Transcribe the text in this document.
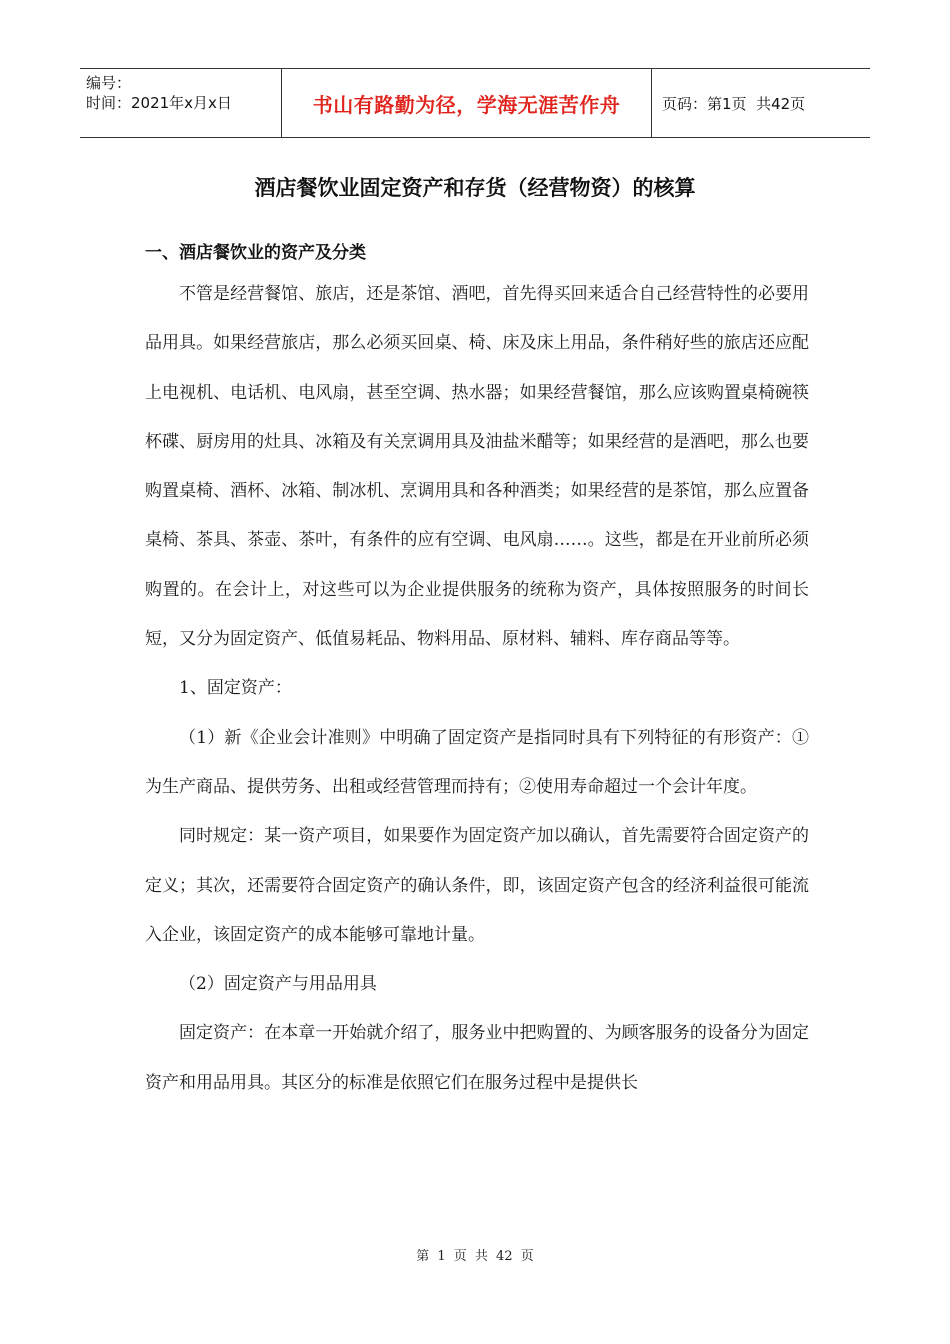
编号：
时间：2021年x月x日	书山有路勤为径，学海无涯苦作舟	页码：第1页  共42页
酒店餐饮业固定资产和存货（经营物资）的核算
一、酒店餐饮业的资产及分类

不管是经营餐馆、旅店，还是茶馆、酒吧，首先得买回来适合自己经营特性的必要用品用具。如果经营旅店，那么必须买回桌、椅、床及床上用品，条件稍好些的旅店还应配上电视机、电话机、电风扇，甚至空调、热水器；如果经营餐馆，那么应该购置桌椅碗筷杯碟、厨房用的灶具、冰箱及有关烹调用具及油盐米醋等；如果经营的是酒吧，那么也要购置桌椅、酒杯、冰箱、制冰机、烹调用具和各种酒类；如果经营的是茶馆，那么应置备桌椅、茶具、茶壶、茶叶，有条件的应有空调、电风扇……。这些，都是在开业前所必须购置的。在会计上，对这些可以为企业提供服务的统称为资产，具体按照服务的时间长短，又分为固定资产、低值易耗品、物料用品、原材料、辅料、库存商品等等。

1、固定资产：

（1）新《企业会计准则》中明确了固定资产是指同时具有下列特征的有形资产：①为生产商品、提供劳务、出租或经营管理而持有；②使用寿命超过一个会计年度。

同时规定：某一资产项目，如果要作为固定资产加以确认，首先需要符合固定资产的定义；其次，还需要符合固定资产的确认条件，即，该固定资产包含的经济利益很可能流入企业，该固定资产的成本能够可靠地计量。

（2）固定资产与用品用具

固定资产：在本章一开始就介绍了，服务业中把购置的、为顾客服务的设备分为固定资产和用品用具。其区分的标准是依照它们在服务过程中是提供长

第 1 页 共 42 页
